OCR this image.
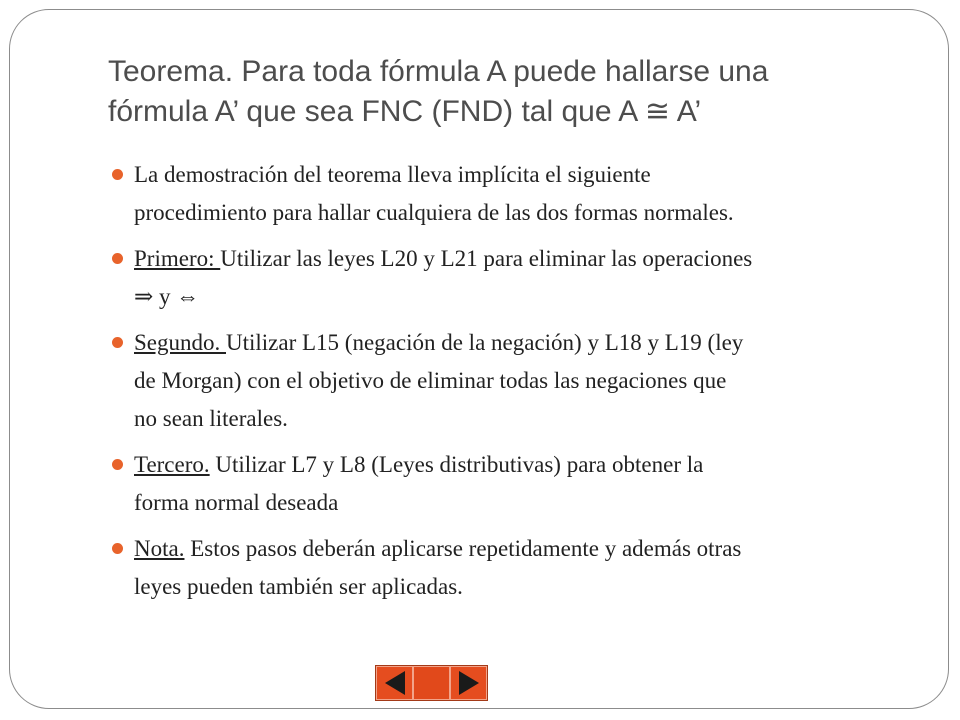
Teorema. Para toda fórmula A puede hallarse una
fórmula A’ que sea FNC (FND) tal que A ≅ A’
La demostración del teorema lleva implícita el siguiente
procedimiento para hallar cualquiera de las dos formas normales.
Primero: Utilizar las leyes L20 y L21 para eliminar las operaciones
⇒ y ⇔
Segundo. Utilizar L15 (negación de la negación) y L18 y L19 (ley
de Morgan) con el objetivo de eliminar todas las negaciones que
no sean literales.
Tercero. Utilizar L7 y L8 (Leyes distributivas) para obtener la
forma normal deseada
Nota. Estos pasos deberán aplicarse repetidamente y además otras
leyes pueden también ser aplicadas.
